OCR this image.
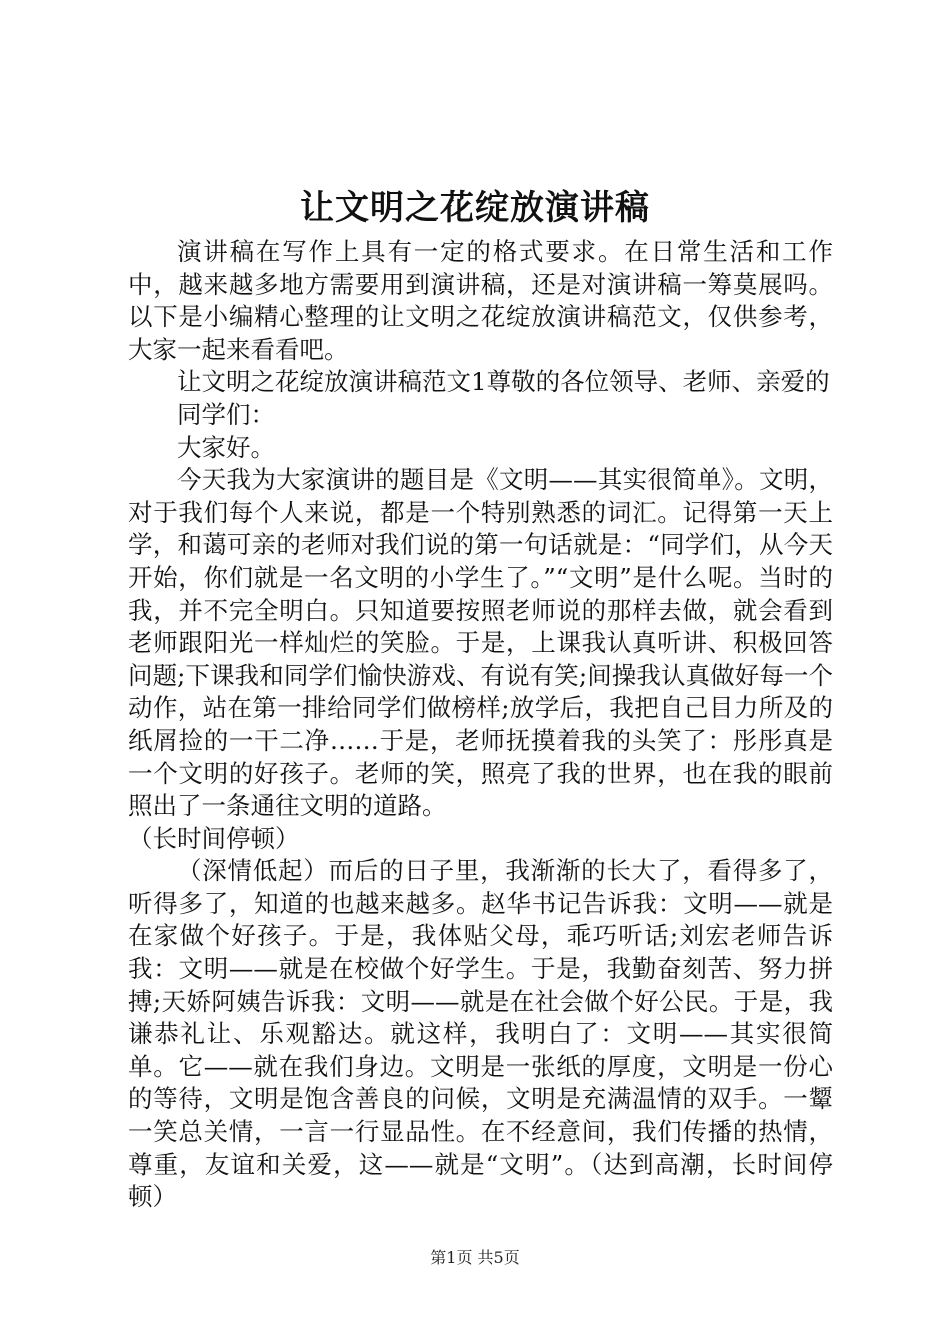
让文明之花绽放演讲稿

演讲稿在写作上具有一定的格式要求。在日常生活和工作中，越来越多地方需要用到演讲稿，还是对演讲稿一筹莫展吗。以下是小编精心整理的让文明之花绽放演讲稿范文，仅供参考，大家一起来看看吧。

让文明之花绽放演讲稿范文1尊敬的各位领导、老师、亲爱的

同学们：

大家好。

今天我为大家演讲的题目是《文明——其实很简单》。文明，对于我们每个人来说，都是一个特别熟悉的词汇。记得第一天上学，和蔼可亲的老师对我们说的第一句话就是：“同学们，从今天开始，你们就是一名文明的小学生了。”“文明”是什么呢。当时的我，并不完全明白。只知道要按照老师说的那样去做，就会看到老师跟阳光一样灿烂的笑脸。于是，上课我认真听讲、积极回答问题;下课我和同学们愉快游戏、有说有笑;间操我认真做好每一个动作，站在第一排给同学们做榜样;放学后，我把自己目力所及的纸屑捡的一干二净……于是，老师抚摸着我的头笑了：彤彤真是一个文明的好孩子。老师的笑，照亮了我的世界，也在我的眼前照出了一条通往文明的道路。

（长时间停顿）

（深情低起）而后的日子里，我渐渐的长大了，看得多了，听得多了，知道的也越来越多。赵华书记告诉我：文明——就是在家做个好孩子。于是，我体贴父母，乖巧听话;刘宏老师告诉我：文明——就是在校做个好学生。于是，我勤奋刻苦、努力拼搏;天娇阿姨告诉我：文明——就是在社会做个好公民。于是，我谦恭礼让、乐观豁达。就这样，我明白了：文明——其实很简单。它——就在我们身边。文明是一张纸的厚度，文明是一份心的等待，文明是饱含善良的问候，文明是充满温情的双手。一颦一笑总关情，一言一行显品性。在不经意间，我们传播的热情，尊重，友谊和关爱，这——就是“文明”。（达到高潮，长时间停顿）

第1页 共5页
